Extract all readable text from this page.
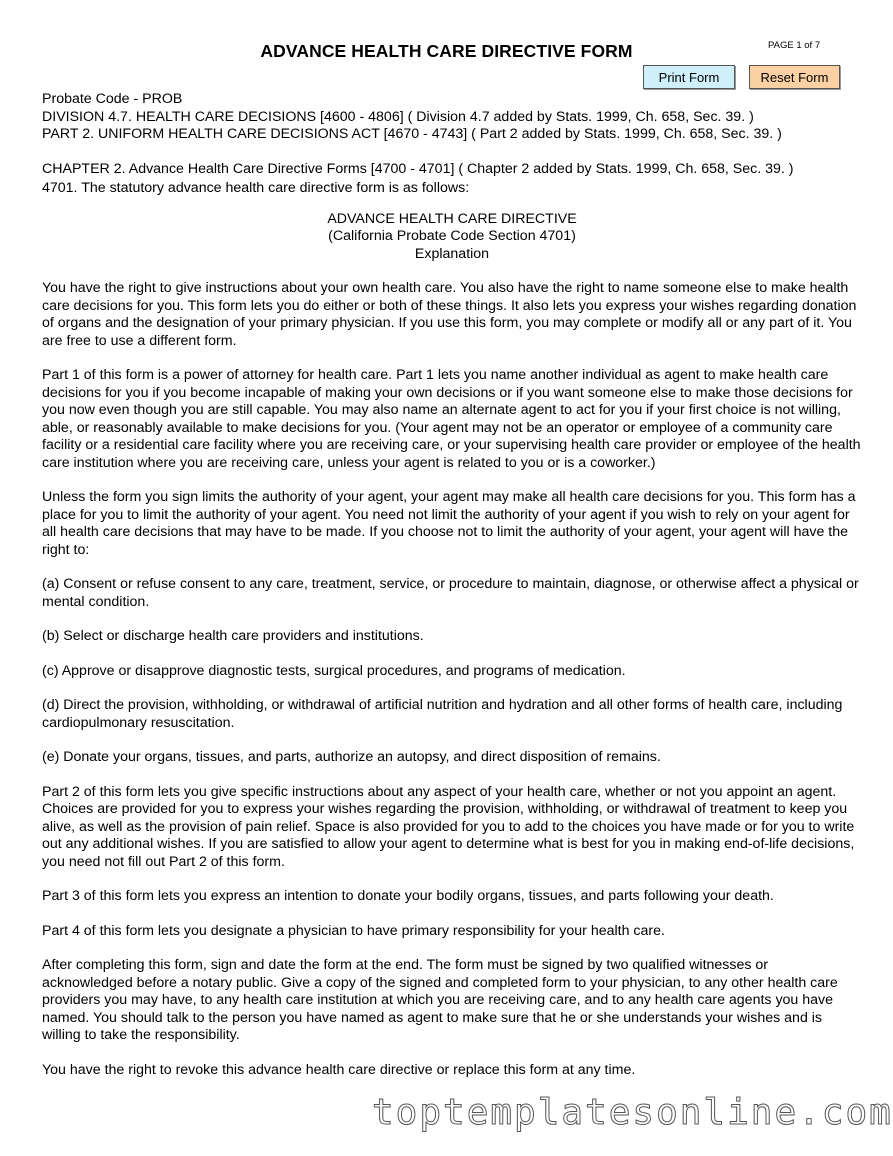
ADVANCE HEALTH CARE DIRECTIVE FORM	PAGE 1 of 7
Print Form	Reset Form

Probate Code - PROB

DIVISION 4.7. HEALTH CARE DECISIONS [4600 - 4806] ( Division 4.7 added by Stats. 1999, Ch. 658, Sec. 39. )

PART 2. UNIFORM HEALTH CARE DECISIONS ACT [4670 - 4743] ( Part 2 added by Stats. 1999, Ch. 658, Sec. 39. )

CHAPTER 2. Advance Health Care Directive Forms [4700 - 4701] ( Chapter 2 added by Stats. 1999, Ch. 658, Sec. 39. )

4701. The statutory advance health care directive form is as follows:

ADVANCE HEALTH CARE DIRECTIVE

(California Probate Code Section 4701)

Explanation

You have the right to give instructions about your own health care. You also have the right to name someone else to make health care decisions for you. This form lets you do either or both of these things. It also lets you express your wishes regarding donation of organs and the designation of your primary physician. If you use this form, you may complete or modify all or any part of it. You are free to use a different form.

Part 1 of this form is a power of attorney for health care. Part 1 lets you name another individual as agent to make health care decisions for you if you become incapable of making your own decisions or if you want someone else to make those decisions for you now even though you are still capable. You may also name an alternate agent to act for you if your first choice is not willing, able, or reasonably available to make decisions for you. (Your agent may not be an operator or employee of a community care facility or a residential care facility where you are receiving care, or your supervising health care provider or employee of the health care institution where you are receiving care, unless your agent is related to you or is a coworker.)

Unless the form you sign limits the authority of your agent, your agent may make all health care decisions for you. This form has a place for you to limit the authority of your agent. You need not limit the authority of your agent if you wish to rely on your agent for all health care decisions that may have to be made. If you choose not to limit the authority of your agent, your agent will have the right to:

(a) Consent or refuse consent to any care, treatment, service, or procedure to maintain, diagnose, or otherwise affect a physical or mental condition.

(b) Select or discharge health care providers and institutions.

(c) Approve or disapprove diagnostic tests, surgical procedures, and programs of medication.

(d) Direct the provision, withholding, or withdrawal of artificial nutrition and hydration and all other forms of health care, including cardiopulmonary resuscitation.

(e) Donate your organs, tissues, and parts, authorize an autopsy, and direct disposition of remains.

Part 2 of this form lets you give specific instructions about any aspect of your health care, whether or not you appoint an agent. Choices are provided for you to express your wishes regarding the provision, withholding, or withdrawal of treatment to keep you alive, as well as the provision of pain relief. Space is also provided for you to add to the choices you have made or for you to write out any additional wishes. If you are satisfied to allow your agent to determine what is best for you in making end-of-life decisions, you need not fill out Part 2 of this form.

Part 3 of this form lets you express an intention to donate your bodily organs, tissues, and parts following your death.

Part 4 of this form lets you designate a physician to have primary responsibility for your health care.

After completing this form, sign and date the form at the end. The form must be signed by two qualified witnesses or acknowledged before a notary public. Give a copy of the signed and completed form to your physician, to any other health care providers you may have, to any health care institution at which you are receiving care, and to any health care agents you have named. You should talk to the person you have named as agent to make sure that he or she understands your wishes and is willing to take the responsibility.

You have the right to revoke this advance health care directive or replace this form at any time.

toptemplatesonline.com
